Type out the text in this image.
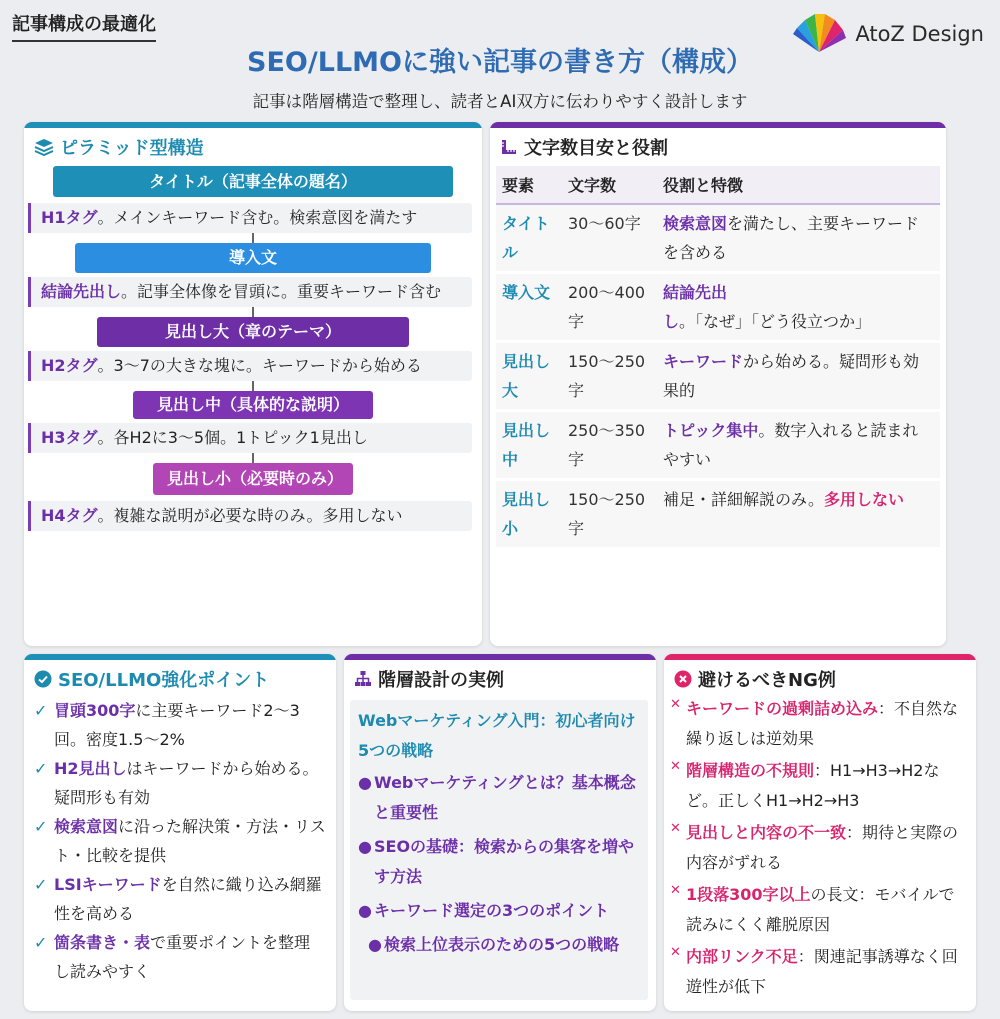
記事構成の最適化	AtoZ Design
SEO/LLMOに強い記事の書き方（構成）
記事は階層構造で整理し、読者とAI双方に伝わりやすく設計します
ピラミッド型構造
タイトル（記事全体の題名）
H1タグ。メインキーワード含む。検索意図を満たす
導入文
結論先出し。記事全体像を冒頭に。重要キーワード含む
見出し大（章のテーマ）
H2タグ。3〜7の大きな塊に。キーワードから始める
見出し中（具体的な説明）
H3タグ。各H2に3〜5個。1トピック1見出し
見出し小（必要時のみ）
H4タグ。複雑な説明が必要な時のみ。多用しない
文字数目安と役割
要素	文字数	役割と特徴
タイトル	30〜60字	検索意図を満たし、主要キーワードを含める
導入文	200〜400字	結論先出し。「なぜ」「どう役立つか」
見出し大	150〜250字	キーワードから始める。疑問形も効果的
見出し中	250〜350字	トピック集中。数字入れると読まれやすい
見出し小	150〜250字	補足・詳細解説のみ。多用しない
SEO/LLMO強化ポイント
✓ 冒頭300字に主要キーワード2〜3回。密度1.5〜2%
✓ H2見出しはキーワードから始める。疑問形も有効
✓ 検索意図に沿った解決策・方法・リスト・比較を提供
✓ LSIキーワードを自然に織り込み網羅性を高める
✓ 箇条書き・表で重要ポイントを整理し読みやすく
階層設計の実例
Webマーケティング入門：初心者向け5つの戦略
● Webマーケティングとは？基本概念と重要性
● SEOの基礎：検索からの集客を増やす方法
● キーワード選定の3つのポイント
● 検索上位表示のための5つの戦略
避けるべきNG例
✕ キーワードの過剰詰め込み：不自然な繰り返しは逆効果
✕ 階層構造の不規則：H1→H3→H2など。正しくH1→H2→H3
✕ 見出しと内容の不一致：期待と実際の内容がずれる
✕ 1段落300字以上の長文：モバイルで読みにくく離脱原因
✕ 内部リンク不足：関連記事誘導なく回遊性が低下
